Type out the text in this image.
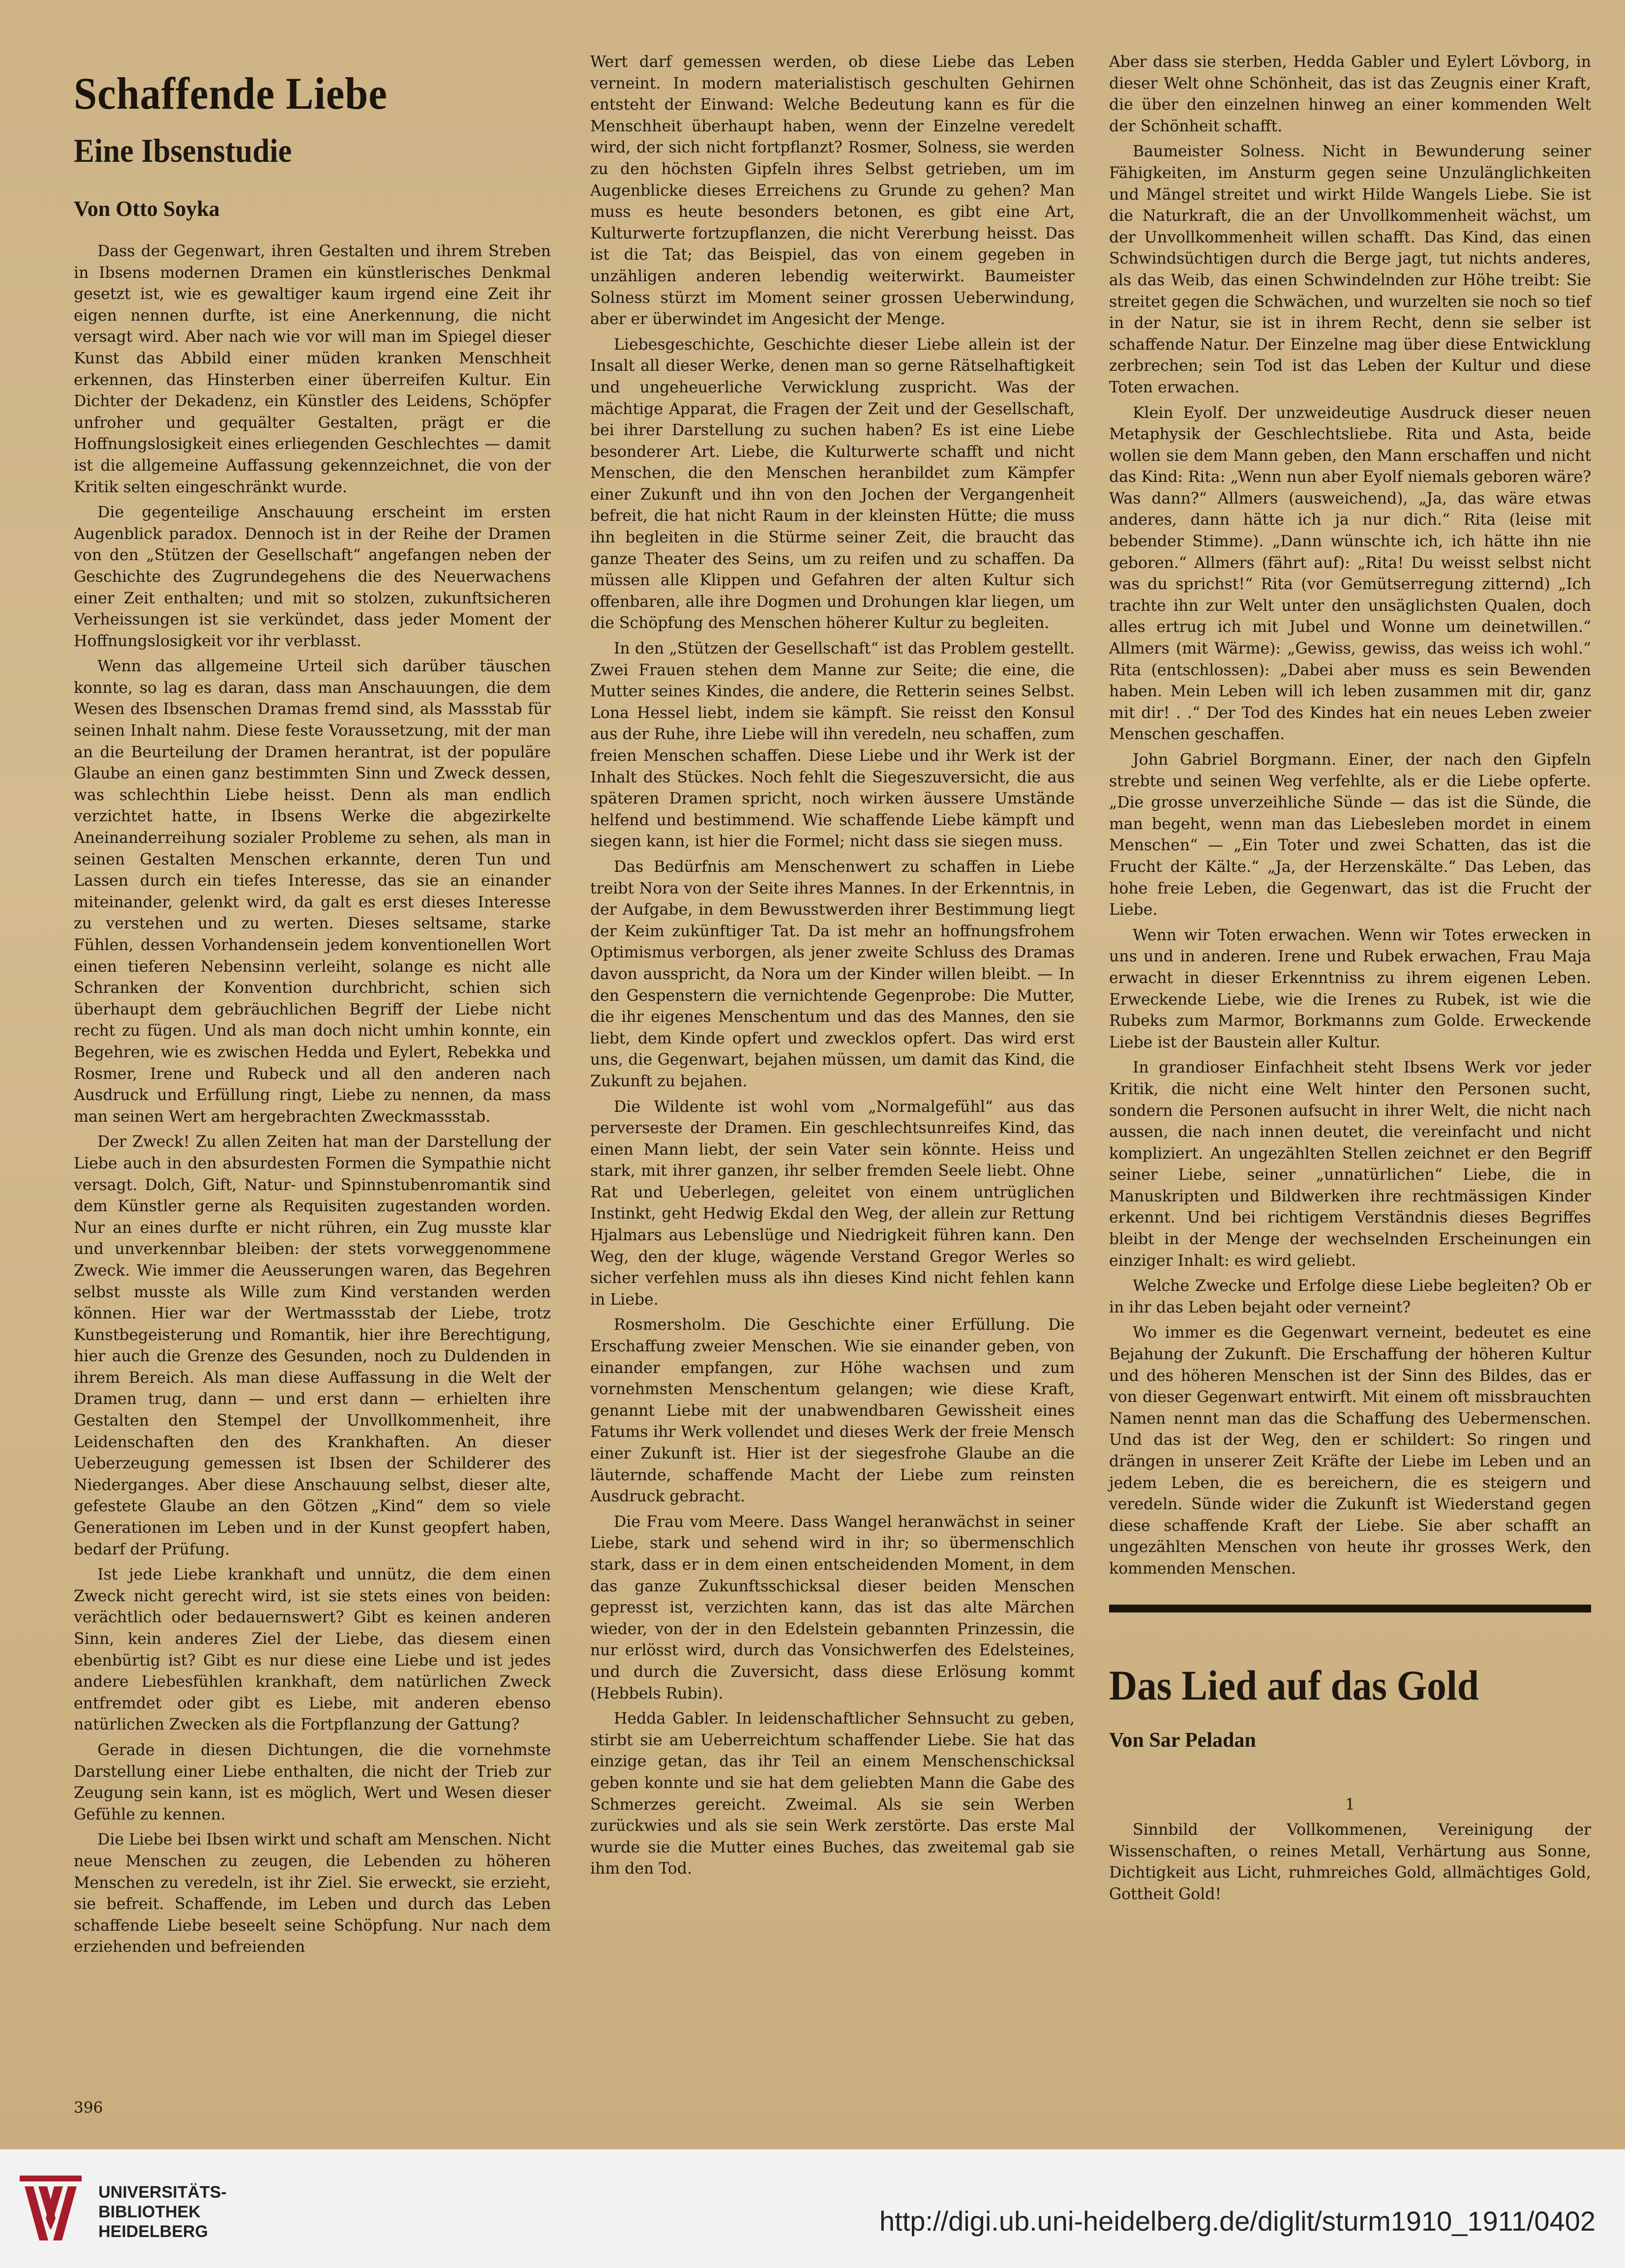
Schaffende Liebe
Eine Ibsenstudie
Von Otto Soyka

Dass der Gegenwart, ihren Gestalten und ihrem Streben in Ibsens modernen Dramen ein künstlerisches Denkmal gesetzt ist, wie es gewaltiger kaum irgend eine Zeit ihr eigen nennen durfte, ist eine Anerkennung, die nicht versagt wird. Aber nach wie vor will man im Spiegel dieser Kunst das Abbild einer müden kranken Menschheit erkennen, das Hinsterben einer überreifen Kultur. Ein Dichter der Dekadenz, ein Künstler des Leidens, Schöpfer unfroher und gequälter Gestalten, prägt er die Hoffnungslosigkeit eines erliegenden Geschlechtes — damit ist die allgemeine Auffassung gekennzeichnet, die von der Kritik selten eingeschränkt wurde.

Die gegenteilige Anschauung erscheint im ersten Augenblick paradox. Dennoch ist in der Reihe der Dramen von den „Stützen der Gesellschaft“ angefangen neben der Geschichte des Zugrundegehens die des Neuerwachens einer Zeit enthalten; und mit so stolzen, zukunftsicheren Verheissungen ist sie verkündet, dass jeder Moment der Hoffnungslosigkeit vor ihr verblasst.

Wenn das allgemeine Urteil sich darüber täuschen konnte, so lag es daran, dass man Anschauungen, die dem Wesen des Ibsenschen Dramas fremd sind, als Massstab für seinen Inhalt nahm. Diese feste Voraussetzung, mit der man an die Beurteilung der Dramen herantrat, ist der populäre Glaube an einen ganz bestimmten Sinn und Zweck dessen, was schlechthin Liebe heisst. Denn als man endlich verzichtet hatte, in Ibsens Werke die abgezirkelte Aneinanderreihung sozialer Probleme zu sehen, als man in seinen Gestalten Menschen erkannte, deren Tun und Lassen durch ein tiefes Interesse, das sie an einander miteinander, gelenkt wird, da galt es erst dieses Interesse zu verstehen und zu werten. Dieses seltsame, starke Fühlen, dessen Vorhandensein jedem konventionellen Wort einen tieferen Nebensinn verleiht, solange es nicht alle Schranken der Konvention durchbricht, schien sich überhaupt dem gebräuchlichen Begriff der Liebe nicht recht zu fügen. Und als man doch nicht umhin konnte, ein Begehren, wie es zwischen Hedda und Eylert, Rebekka und Rosmer, Irene und Rubeck und all den anderen nach Ausdruck und Erfüllung ringt, Liebe zu nennen, da mass man seinen Wert am hergebrachten Zweckmassstab.

Der Zweck! Zu allen Zeiten hat man der Darstellung der Liebe auch in den absurdesten Formen die Sympathie nicht versagt. Dolch, Gift, Natur- und Spinnstubenromantik sind dem Künstler gerne als Requisiten zugestanden worden. Nur an eines durfte er nicht rühren, ein Zug musste klar und unverkennbar bleiben: der stets vorweggenommene Zweck. Wie immer die Aeusserungen waren, das Begehren selbst musste als Wille zum Kind verstanden werden können. Hier war der Wertmassstab der Liebe, trotz Kunstbegeisterung und Romantik, hier ihre Berechtigung, hier auch die Grenze des Gesunden, noch zu Duldenden in ihrem Bereich. Als man diese Auffassung in die Welt der Dramen trug, dann — und erst dann — erhielten ihre Gestalten den Stempel der Unvollkommenheit, ihre Leidenschaften den des Krankhaften. An dieser Ueberzeugung gemessen ist Ibsen der Schilderer des Niederganges. Aber diese Anschauung selbst, dieser alte, gefestete Glaube an den Götzen „Kind“ dem so viele Generationen im Leben und in der Kunst geopfert haben, bedarf der Prüfung.

Ist jede Liebe krankhaft und unnütz, die dem einen Zweck nicht gerecht wird, ist sie stets eines von beiden: verächtlich oder bedauernswert? Gibt es keinen anderen Sinn, kein anderes Ziel der Liebe, das diesem einen ebenbürtig ist? Gibt es nur diese eine Liebe und ist jedes andere Liebesfühlen krankhaft, dem natürlichen Zweck entfremdet oder gibt es Liebe, mit anderen ebenso natürlichen Zwecken als die Fortpflanzung der Gattung?

Gerade in diesen Dichtungen, die die vornehmste Darstellung einer Liebe enthalten, die nicht der Trieb zur Zeugung sein kann, ist es möglich, Wert und Wesen dieser Gefühle zu kennen.

Die Liebe bei Ibsen wirkt und schaft am Menschen. Nicht neue Menschen zu zeugen, die Lebenden zu höheren Menschen zu veredeln, ist ihr Ziel. Sie erweckt, sie erzieht, sie befreit. Schaffende, im Leben und durch das Leben schaffende Liebe beseelt seine Schöpfung. Nur nach dem erziehenden und befreienden

Wert darf gemessen werden, ob diese Liebe das Leben verneint. In modern materialistisch geschulten Gehirnen entsteht der Einwand: Welche Bedeutung kann es für die Menschheit überhaupt haben, wenn der Einzelne veredelt wird, der sich nicht fortpflanzt? Rosmer, Solness, sie werden zu den höchsten Gipfeln ihres Selbst getrieben, um im Augenblicke dieses Erreichens zu Grunde zu gehen? Man muss es heute besonders betonen, es gibt eine Art, Kulturwerte fortzupflanzen, die nicht Vererbung heisst. Das ist die Tat; das Beispiel, das von einem gegeben in unzähligen anderen lebendig weiterwirkt. Baumeister Solness stürzt im Moment seiner grossen Ueberwindung, aber er überwindet im Angesicht der Menge.

Liebesgeschichte, Geschichte dieser Liebe allein ist der Insalt all dieser Werke, denen man so gerne Rätselhaftigkeit und ungeheuerliche Verwicklung zuspricht. Was der mächtige Apparat, die Fragen der Zeit und der Gesellschaft, bei ihrer Darstellung zu suchen haben? Es ist eine Liebe besonderer Art. Liebe, die Kulturwerte schafft und nicht Menschen, die den Menschen heranbildet zum Kämpfer einer Zukunft und ihn von den Jochen der Vergangenheit befreit, die hat nicht Raum in der kleinsten Hütte; die muss ihn begleiten in die Stürme seiner Zeit, die braucht das ganze Theater des Seins, um zu reifen und zu schaffen. Da müssen alle Klippen und Gefahren der alten Kultur sich offenbaren, alle ihre Dogmen und Drohungen klar liegen, um die Schöpfung des Menschen höherer Kultur zu begleiten.

In den „Stützen der Gesellschaft“ ist das Problem gestellt. Zwei Frauen stehen dem Manne zur Seite; die eine, die Mutter seines Kindes, die andere, die Retterin seines Selbst. Lona Hessel liebt, indem sie kämpft. Sie reisst den Konsul aus der Ruhe, ihre Liebe will ihn veredeln, neu schaffen, zum freien Menschen schaffen. Diese Liebe und ihr Werk ist der Inhalt des Stückes. Noch fehlt die Siegeszuversicht, die aus späteren Dramen spricht, noch wirken äussere Umstände helfend und bestimmend. Wie schaffende Liebe kämpft und siegen kann, ist hier die Formel; nicht dass sie siegen muss.

Das Bedürfnis am Menschenwert zu schaffen in Liebe treibt Nora von der Seite ihres Mannes. In der Erkenntnis, in der Aufgabe, in dem Bewusstwerden ihrer Bestimmung liegt der Keim zukünftiger Tat. Da ist mehr an hoffnungsfrohem Optimismus verborgen, als jener zweite Schluss des Dramas davon ausspricht, da Nora um der Kinder willen bleibt. — In den Gespenstern die vernichtende Gegenprobe: Die Mutter, die ihr eigenes Menschentum und das des Mannes, den sie liebt, dem Kinde opfert und zwecklos opfert. Das wird erst uns, die Gegenwart, bejahen müssen, um damit das Kind, die Zukunft zu bejahen.

Die Wildente ist wohl vom „Normalgefühl“ aus das perverseste der Dramen. Ein geschlechtsunreifes Kind, das einen Mann liebt, der sein Vater sein könnte. Heiss und stark, mit ihrer ganzen, ihr selber fremden Seele liebt. Ohne Rat und Ueberlegen, geleitet von einem untrüglichen Instinkt, geht Hedwig Ekdal den Weg, der allein zur Rettung Hjalmars aus Lebenslüge und Niedrigkeit führen kann. Den Weg, den der kluge, wägende Verstand Gregor Werles so sicher verfehlen muss als ihn dieses Kind nicht fehlen kann in Liebe.

Rosmersholm. Die Geschichte einer Erfüllung. Die Erschaffung zweier Menschen. Wie sie einander geben, von einander empfangen, zur Höhe wachsen und zum vornehmsten Menschentum gelangen; wie diese Kraft, genannt Liebe mit der unabwendbaren Gewissheit eines Fatums ihr Werk vollendet und dieses Werk der freie Mensch einer Zukunft ist. Hier ist der siegesfrohe Glaube an die läuternde, schaffende Macht der Liebe zum reinsten Ausdruck gebracht.

Die Frau vom Meere. Dass Wangel heranwächst in seiner Liebe, stark und sehend wird in ihr; so übermenschlich stark, dass er in dem einen entscheidenden Moment, in dem das ganze Zukunftsschicksal dieser beiden Menschen gepresst ist, verzichten kann, das ist das alte Märchen wieder, von der in den Edelstein gebannten Prinzessin, die nur erlösst wird, durch das Vonsichwerfen des Edelsteines, und durch die Zuversicht, dass diese Erlösung kommt (Hebbels Rubin).

Hedda Gabler. In leidenschaftlicher Sehnsucht zu geben, stirbt sie am Ueberreichtum schaffender Liebe. Sie hat das einzige getan, das ihr Teil an einem Menschenschicksal geben konnte und sie hat dem geliebten Mann die Gabe des Schmerzes gereicht. Zweimal. Als sie sein Werben zurückwies und als sie sein Werk zerstörte. Das erste Mal wurde sie die Mutter eines Buches, das zweitemal gab sie ihm den Tod.

Aber dass sie sterben, Hedda Gabler und Eylert Lövborg, in dieser Welt ohne Schönheit, das ist das Zeugnis einer Kraft, die über den einzelnen hinweg an einer kommenden Welt der Schönheit schafft.

Baumeister Solness. Nicht in Bewunderung seiner Fähigkeiten, im Ansturm gegen seine Unzulänglichkeiten und Mängel streitet und wirkt Hilde Wangels Liebe. Sie ist die Naturkraft, die an der Unvollkommenheit wächst, um der Unvollkommenheit willen schafft. Das Kind, das einen Schwindsüchtigen durch die Berge jagt, tut nichts anderes, als das Weib, das einen Schwindelnden zur Höhe treibt: Sie streitet gegen die Schwächen, und wurzelten sie noch so tief in der Natur, sie ist in ihrem Recht, denn sie selber ist schaffende Natur. Der Einzelne mag über diese Entwicklung zerbrechen; sein Tod ist das Leben der Kultur und diese Toten erwachen.

Klein Eyolf. Der unzweideutige Ausdruck dieser neuen Metaphysik der Geschlechtsliebe. Rita und Asta, beide wollen sie dem Mann geben, den Mann erschaffen und nicht das Kind: Rita: „Wenn nun aber Eyolf niemals geboren wäre? Was dann?“ Allmers (ausweichend), „Ja, das wäre etwas anderes, dann hätte ich ja nur dich.“ Rita (leise mit bebender Stimme). „Dann wünschte ich, ich hätte ihn nie geboren.“ Allmers (fährt auf): „Rita! Du weisst selbst nicht was du sprichst!“ Rita (vor Gemütserregung zitternd) „Ich trachte ihn zur Welt unter den unsäglichsten Qualen, doch alles ertrug ich mit Jubel und Wonne um deinetwillen.“ Allmers (mit Wärme): „Gewiss, gewiss, das weiss ich wohl.“ Rita (entschlossen): „Dabei aber muss es sein Bewenden haben. Mein Leben will ich leben zusammen mit dir, ganz mit dir! . .“ Der Tod des Kindes hat ein neues Leben zweier Menschen geschaffen.

John Gabriel Borgmann. Einer, der nach den Gipfeln strebte und seinen Weg verfehlte, als er die Liebe opferte. „Die grosse unverzeihliche Sünde — das ist die Sünde, die man begeht, wenn man das Liebesleben mordet in einem Menschen“ — „Ein Toter und zwei Schatten, das ist die Frucht der Kälte.“ „Ja, der Herzenskälte.“ Das Leben, das hohe freie Leben, die Gegenwart, das ist die Frucht der Liebe.

Wenn wir Toten erwachen. Wenn wir Totes erwecken in uns und in anderen. Irene und Rubek erwachen, Frau Maja erwacht in dieser Erkenntniss zu ihrem eigenen Leben. Erweckende Liebe, wie die Irenes zu Rubek, ist wie die Rubeks zum Marmor, Borkmanns zum Golde. Erweckende Liebe ist der Baustein aller Kultur.

In grandioser Einfachheit steht Ibsens Werk vor jeder Kritik, die nicht eine Welt hinter den Personen sucht, sondern die Personen aufsucht in ihrer Welt, die nicht nach aussen, die nach innen deutet, die vereinfacht und nicht kompliziert. An ungezählten Stellen zeichnet er den Begriff seiner Liebe, seiner „unnatürlichen“ Liebe, die in Manuskripten und Bildwerken ihre rechtmässigen Kinder erkennt. Und bei richtigem Verständnis dieses Begriffes bleibt in der Menge der wechselnden Erscheinungen ein einziger Inhalt: es wird geliebt.

Welche Zwecke und Erfolge diese Liebe begleiten? Ob er in ihr das Leben bejaht oder verneint?

Wo immer es die Gegenwart verneint, bedeutet es eine Bejahung der Zukunft. Die Erschaffung der höheren Kultur und des höheren Menschen ist der Sinn des Bildes, das er von dieser Gegenwart entwirft. Mit einem oft missbrauchten Namen nennt man das die Schaffung des Uebermenschen. Und das ist der Weg, den er schildert: So ringen und drängen in unserer Zeit Kräfte der Liebe im Leben und an jedem Leben, die es bereichern, die es steigern und veredeln. Sünde wider die Zukunft ist Wiederstand gegen diese schaffende Kraft der Liebe. Sie aber schafft an ungezählten Menschen von heute ihr grosses Werk, den kommenden Menschen.

Das Lied auf das Gold
Von Sar Peladan

1

Sinnbild der Vollkommenen, Vereinigung der Wissenschaften, o reines Metall, Verhärtung aus Sonne, Dichtigkeit aus Licht, ruhmreiches Gold, allmächtiges Gold, Gottheit Gold!

396
UNIVERSITÄTS-
BIBLIOTHEK
HEIDELBERG	http://digi.ub.uni-heidelberg.de/diglit/sturm1910_1911/0402
